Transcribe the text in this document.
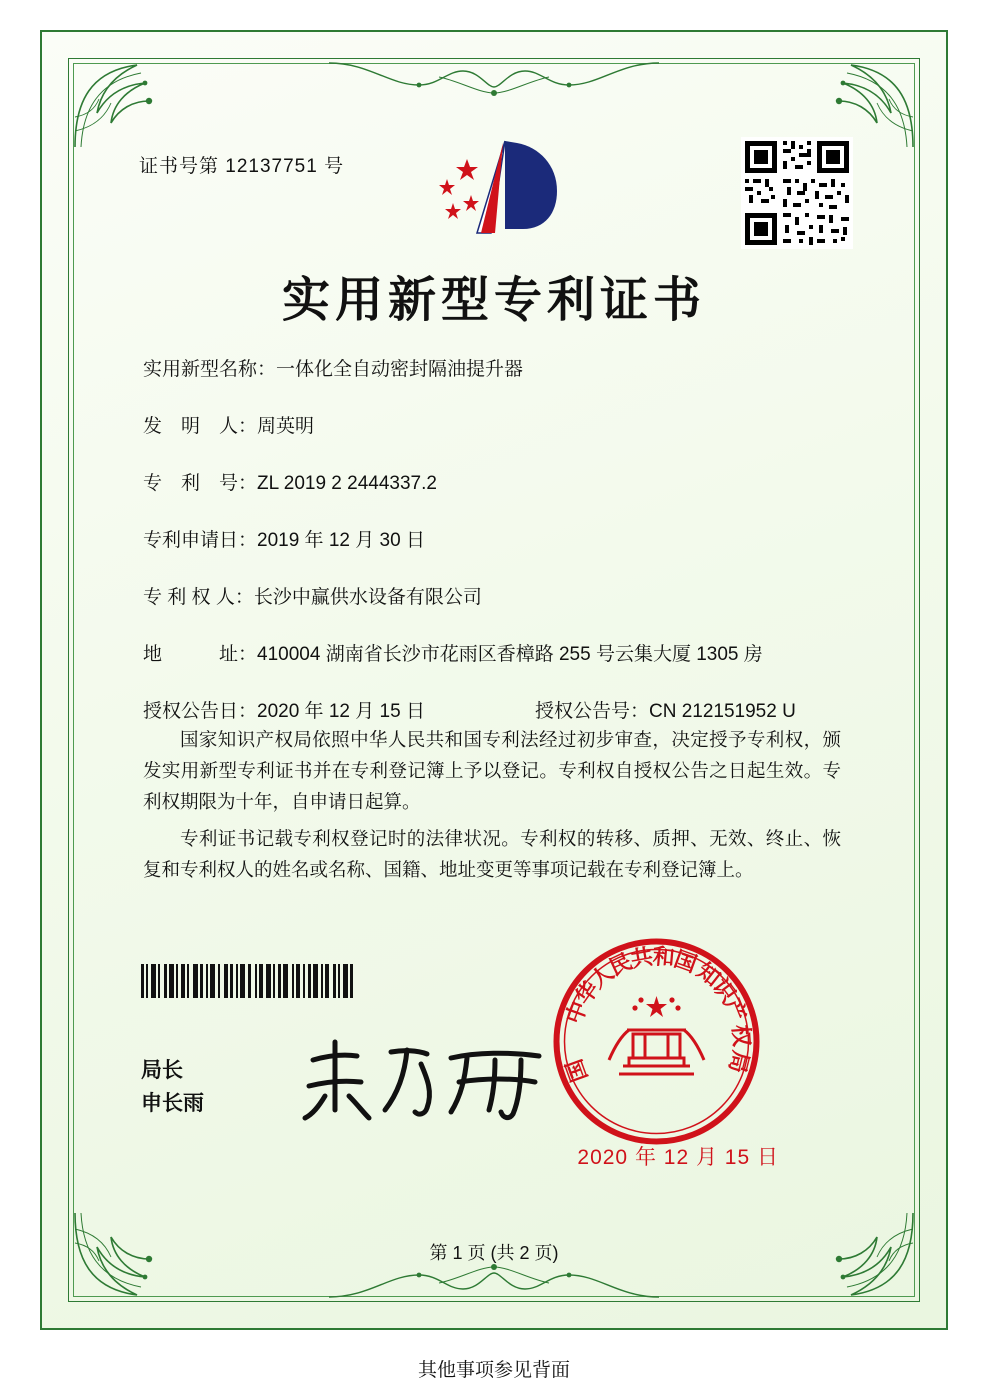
证书号第 12137751 号
实用新型专利证书
实用新型名称：一体化全自动密封隔油提升器
发　明　人：周英明
专　利　号：ZL 2019 2 2444337.2
专利申请日：2019 年 12 月 30 日
专 利 权 人：长沙中赢供水设备有限公司
地　　　址：410004 湖南省长沙市花雨区香樟路 255 号云集大厦 1305 房
授权公告日：2020 年 12 月 15 日	授权公告号：CN 212151952 U

国家知识产权局依照中华人民共和国专利法经过初步审查，决定授予专利权，颁发实用新型专利证书并在专利登记簿上予以登记。专利权自授权公告之日起生效。专利权期限为十年，自申请日起算。

专利证书记载专利权登记时的法律状况。专利权的转移、质押、无效、终止、恢复和专利权人的姓名或名称、国籍、地址变更等事项记载在专利登记簿上。

局长
申长雨
中
华
人
民
共
和
国
知
识
产
权
局
国
2020 年 12 月 15 日
第 1 页 (共 2 页)
其他事项参见背面
